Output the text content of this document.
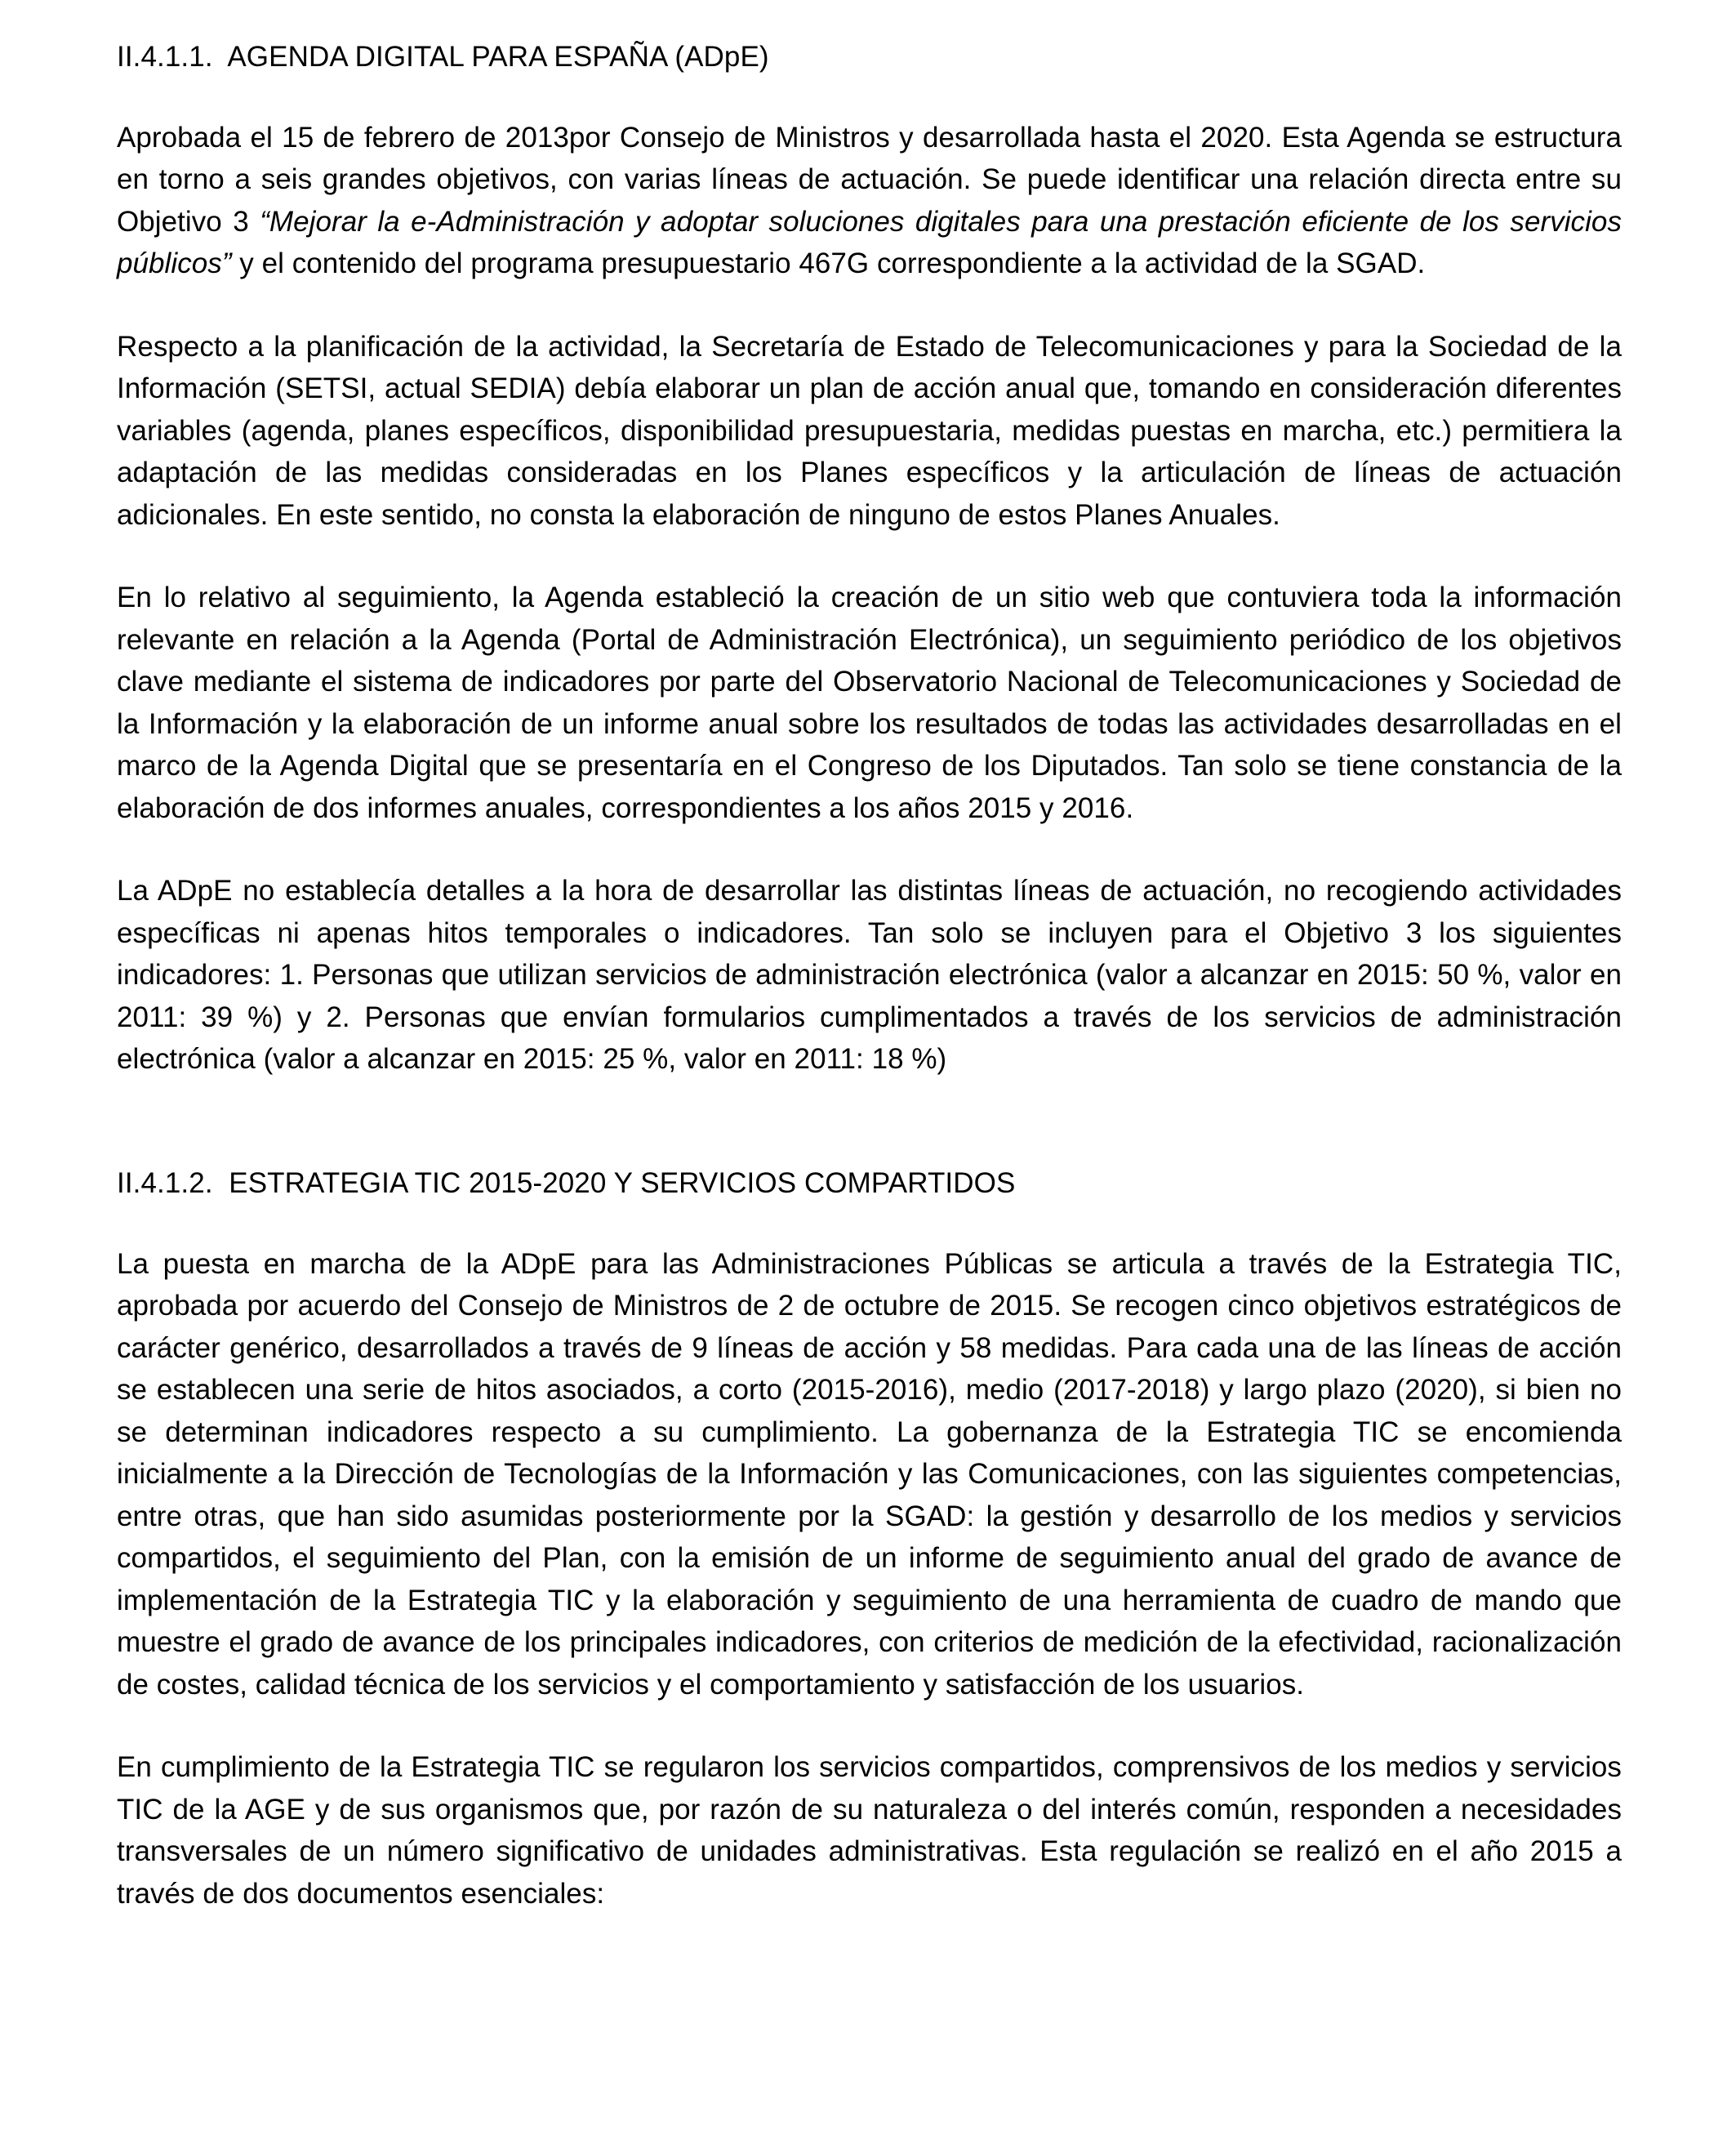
II.4.1.1.  AGENDA DIGITAL PARA ESPAÑA (ADpE)

Aprobada el 15 de febrero de 2013por Consejo de Ministros y desarrollada hasta el 2020. Esta Agenda se estructura en torno a seis grandes objetivos, con varias líneas de actuación. Se puede identificar una relación directa entre su Objetivo 3 “Mejorar la e-Administración y adoptar soluciones digitales para una prestación eficiente de los servicios públicos” y el contenido del programa presupuestario 467G correspondiente a la actividad de la SGAD.

Respecto a la planificación de la actividad, la Secretaría de Estado de Telecomunicaciones y para la Sociedad de la Información (SETSI, actual SEDIA) debía elaborar un plan de acción anual que, tomando en consideración diferentes variables (agenda, planes específicos, disponibilidad presupuestaria, medidas puestas en marcha, etc.) permitiera la adaptación de las medidas consideradas en los Planes específicos y la articulación de líneas de actuación adicionales. En este sentido, no consta la elaboración de ninguno de estos Planes Anuales.

En lo relativo al seguimiento, la Agenda estableció la creación de un sitio web que contuviera toda la información relevante en relación a la Agenda (Portal de Administración Electrónica), un seguimiento periódico de los objetivos clave mediante el sistema de indicadores por parte del Observatorio Nacional de Telecomunicaciones y Sociedad de la Información y la elaboración de un informe anual sobre los resultados de todas las actividades desarrolladas en el marco de la Agenda Digital que se presentaría en el Congreso de los Diputados. Tan solo se tiene constancia de la elaboración de dos informes anuales, correspondientes a los años 2015 y 2016.

La ADpE no establecía detalles a la hora de desarrollar las distintas líneas de actuación, no recogiendo actividades específicas ni apenas hitos temporales o indicadores. Tan solo se incluyen para el Objetivo 3 los siguientes indicadores: 1. Personas que utilizan servicios de administración electrónica (valor a alcanzar en 2015: 50 %, valor en 2011: 39 %) y 2. Personas que envían formularios cumplimentados a través de los servicios de administración electrónica (valor a alcanzar en 2015: 25 %, valor en 2011: 18 %)

II.4.1.2.  ESTRATEGIA TIC 2015-2020 Y SERVICIOS COMPARTIDOS

La puesta en marcha de la ADpE para las Administraciones Públicas se articula a través de la Estrategia TIC, aprobada por acuerdo del Consejo de Ministros de 2 de octubre de 2015. Se recogen cinco objetivos estratégicos de carácter genérico, desarrollados a través de 9 líneas de acción y 58 medidas. Para cada una de las líneas de acción se establecen una serie de hitos asociados, a corto (2015-2016), medio (2017-2018) y largo plazo (2020), si bien no se determinan indicadores respecto a su cumplimiento. La gobernanza de la Estrategia TIC se encomienda inicialmente a la Dirección de Tecnologías de la Información y las Comunicaciones, con las siguientes competencias, entre otras, que han sido asumidas posteriormente por la SGAD: la gestión y desarrollo de los medios y servicios compartidos, el seguimiento del Plan, con la emisión de un informe de seguimiento anual del grado de avance de implementación de la Estrategia TIC y la elaboración y seguimiento de una herramienta de cuadro de mando que muestre el grado de avance de los principales indicadores, con criterios de medición de la efectividad, racionalización de costes, calidad técnica de los servicios y el comportamiento y satisfacción de los usuarios.

En cumplimiento de la Estrategia TIC se regularon los servicios compartidos, comprensivos de los medios y servicios TIC de la AGE y de sus organismos que, por razón de su naturaleza o del interés común, responden a necesidades transversales de un número significativo de unidades administrativas. Esta regulación se realizó en el año 2015 a través de dos documentos esenciales:
